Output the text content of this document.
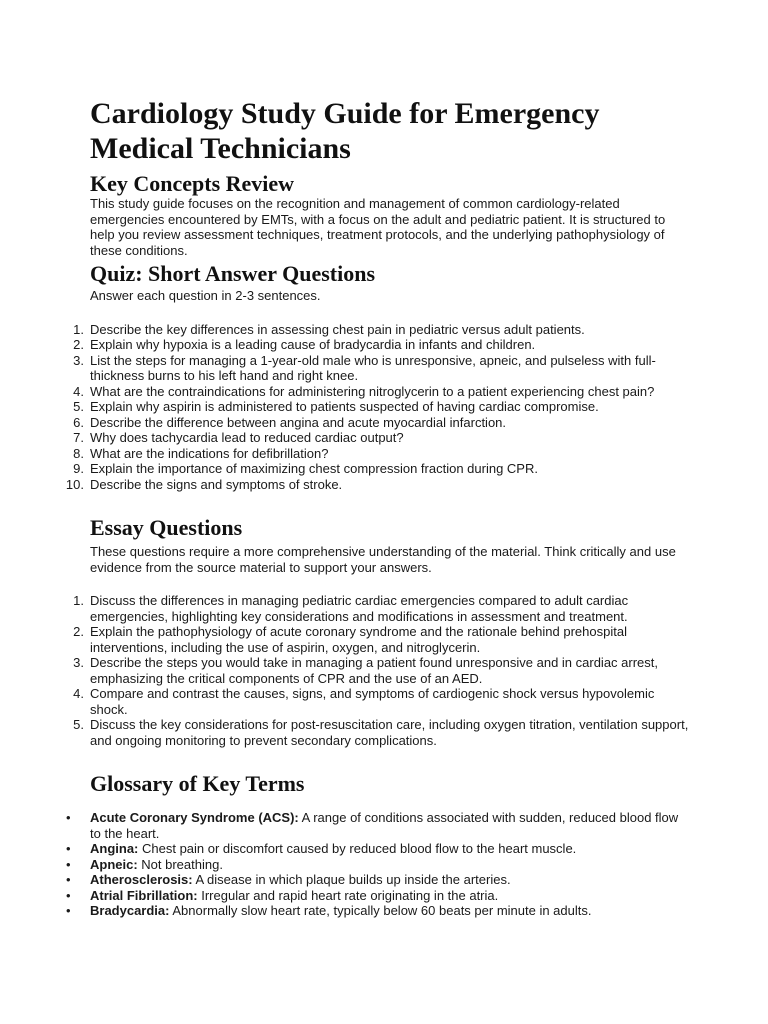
Cardiology Study Guide for Emergency Medical Technicians
Key Concepts Review

This study guide focuses on the recognition and management of common cardiology-related emergencies encountered by EMTs, with a focus on the adult and pediatric patient. It is structured to help you review assessment techniques, treatment protocols, and the underlying pathophysiology of these conditions.

Quiz: Short Answer Questions

Answer each question in 2-3 sentences.

1. Describe the key differences in assessing chest pain in pediatric versus adult patients.
2. Explain why hypoxia is a leading cause of bradycardia in infants and children.
3. List the steps for managing a 1-year-old male who is unresponsive, apneic, and pulseless with full-thickness burns to his left hand and right knee.
4. What are the contraindications for administering nitroglycerin to a patient experiencing chest pain?
5. Explain why aspirin is administered to patients suspected of having cardiac compromise.
6. Describe the difference between angina and acute myocardial infarction.
7. Why does tachycardia lead to reduced cardiac output?
8. What are the indications for defibrillation?
9. Explain the importance of maximizing chest compression fraction during CPR.
10. Describe the signs and symptoms of stroke.
Essay Questions

These questions require a more comprehensive understanding of the material. Think critically and use evidence from the source material to support your answers.

1. Discuss the differences in managing pediatric cardiac emergencies compared to adult cardiac emergencies, highlighting key considerations and modifications in assessment and treatment.
2. Explain the pathophysiology of acute coronary syndrome and the rationale behind prehospital interventions, including the use of aspirin, oxygen, and nitroglycerin.
3. Describe the steps you would take in managing a patient found unresponsive and in cardiac arrest, emphasizing the critical components of CPR and the use of an AED.
4. Compare and contrast the causes, signs, and symptoms of cardiogenic shock versus hypovolemic shock.
5. Discuss the key considerations for post-resuscitation care, including oxygen titration, ventilation support, and ongoing monitoring to prevent secondary complications.
Glossary of Key Terms
• Acute Coronary Syndrome (ACS): A range of conditions associated with sudden, reduced blood flow to the heart.
• Angina: Chest pain or discomfort caused by reduced blood flow to the heart muscle.
• Apneic: Not breathing.
• Atherosclerosis: A disease in which plaque builds up inside the arteries.
• Atrial Fibrillation: Irregular and rapid heart rate originating in the atria.
• Bradycardia: Abnormally slow heart rate, typically below 60 beats per minute in adults.
